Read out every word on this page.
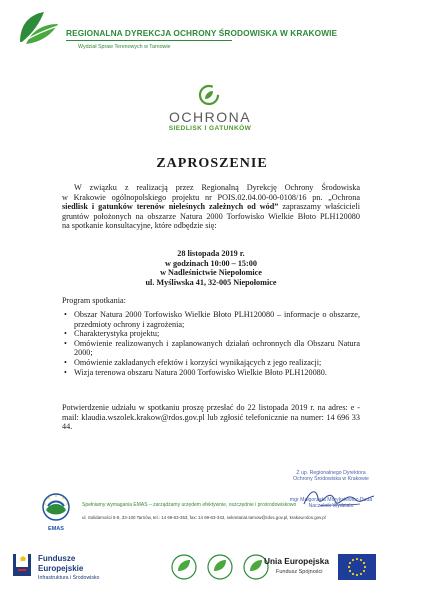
REGIONALNA DYREKCJA OCHRONY ŚRODOWISKA W KRAKOWIE
Wydział Spraw Terenowych w Tarnowie
OCHRONA
SIEDLISK I GATUNKÓW
ZAPROSZENIE
W związku z realizacją przez Regionalną Dyrekcję Ochrony Środowiska
w Krakowie ogólnopolskiego projektu nr POIS.02.04.00-00-0108/16 pn. „Ochrona
siedlisk i gatunków terenów nieleśnych zależnych od wód” zapraszamy właścicieli
gruntów położonych na obszarze Natura 2000 Torfowisko Wielkie Błoto PLH120080
na spotkanie konsultacyjne, które odbędzie się:
28 listopada 2019 r.
w godzinach 10:00 – 15:00
w Nadleśnictwie Niepołomice
ul. Myśliwska 41, 32-005 Niepołomice
Program spotkania:
• Obszar Natura 2000 Torfowisko Wielkie Błoto PLH120080 – informacje o obszarze, przedmioty ochrony i zagrożenia;
• Charakterystyka projektu;
• Omówienie realizowanych i zaplanowanych działań ochronnych dla Obszaru Natura 2000;
• Omówienie zakładanych efektów i korzyści wynikających z jego realizacji;
• Wizja terenowa obszaru Natura 2000 Torfowisko Wielkie Błoto PLH120080.
Potwierdzenie udziału w spotkaniu proszę przesłać do 22 listopada 2019 r. na adres: e - mail: klaudia.wszolek.krakow@rdos.gov.pl lub zgłosić telefonicznie na numer: 14 696 33 44.
Z up. Regionalnego Dyrektora
Ochrony Środowiska w Krakowie
mgr Małgorzata Moryksiewicz-Duda
Naczelnik Wydziału
EMAS
Spełniamy wymagania EMAS – zarządzamy urzędem efektywnie, oszczędnie i prośrodowiskowo
ul. Solidarności 5-9, 33-100 Tarnów, tel.: 14 69-63-353, fax: 14 69-63-343, sekretariat.tarnow@rdos.gov.pl, krakow.rdos.gov.pl
Fundusze
Europejskie
Infrastruktura i Środowisko
Unia Europejska
Fundusz Spójności
